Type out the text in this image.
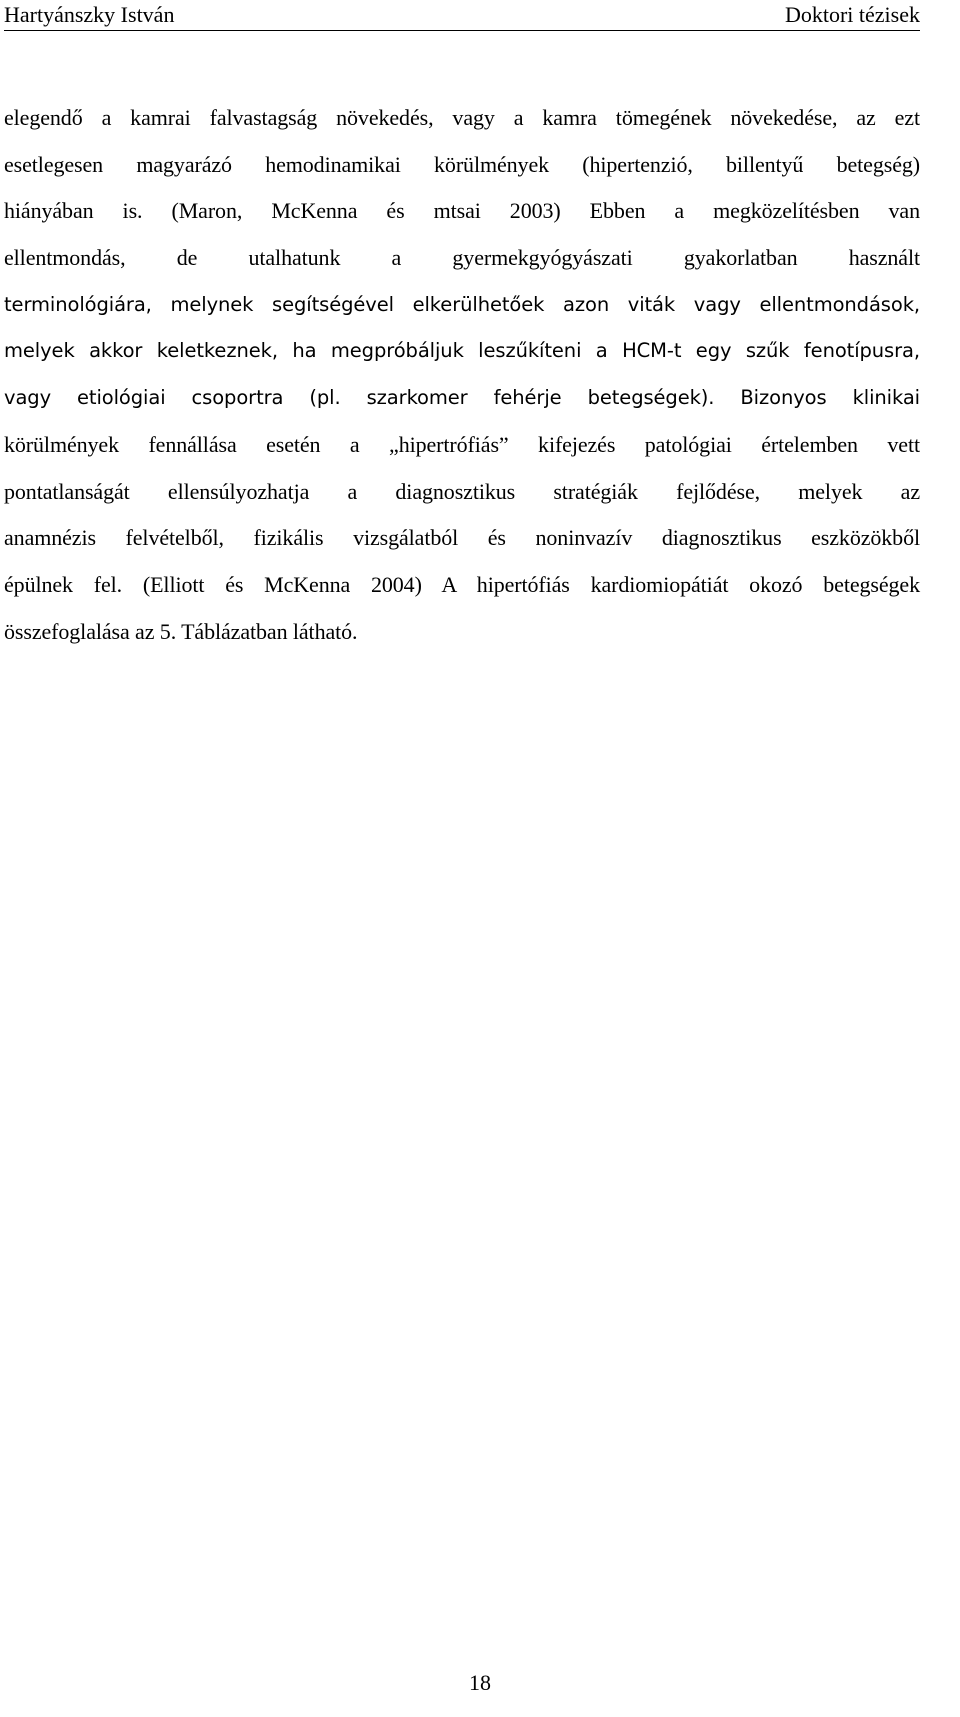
Hartyánszky István	Doktori tézisek
elegendő a kamrai falvastagság növekedés, vagy a kamra tömegének növekedése, az ezt
esetlegesen magyarázó hemodinamikai körülmények (hipertenzió, billentyű betegség)
hiányában is. (Maron, McKenna és mtsai 2003) Ebben a megközelítésben van
ellentmondás, de utalhatunk a gyermekgyógyászati gyakorlatban használt
terminológiára, melynek segítségével elkerülhetőek azon viták vagy ellentmondások,
melyek akkor keletkeznek, ha megpróbáljuk leszűkíteni a HCM-t egy szűk fenotípusra,
vagy etiológiai csoportra (pl. szarkomer fehérje betegségek). Bizonyos klinikai
körülmények fennállása esetén a „hipertrófiás” kifejezés patológiai értelemben vett
pontatlanságát ellensúlyozhatja a diagnosztikus stratégiák fejlődése, melyek az
anamnézis felvételből, fizikális vizsgálatból és noninvazív diagnosztikus eszközökből
épülnek fel. (Elliott és McKenna 2004) A hipertófiás kardiomiopátiát okozó betegségek
összefoglalása az 5. Táblázatban látható.
18
